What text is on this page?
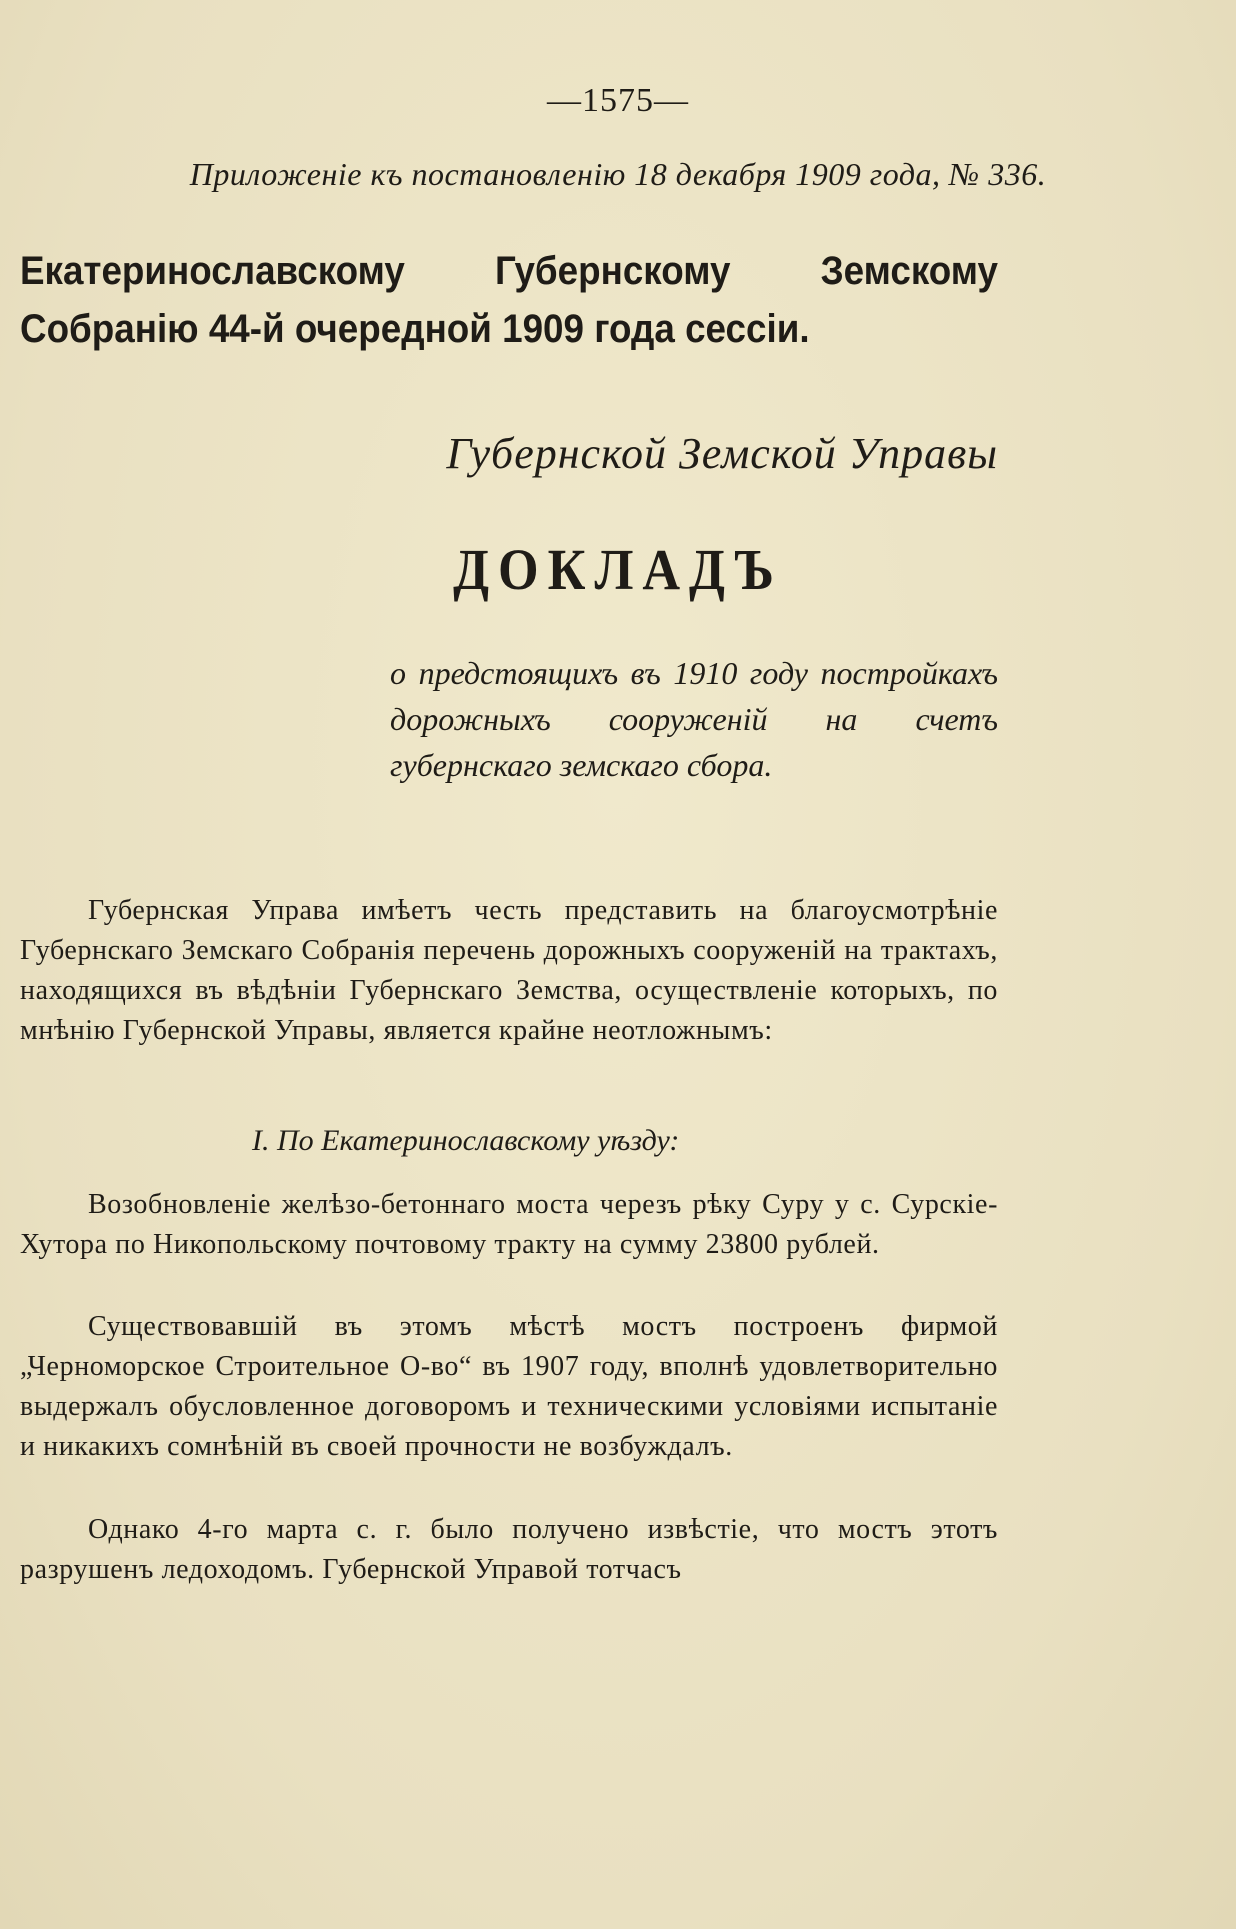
—1575—
Приложенiе къ постановленiю 18 декабря 1909 года, № 336.
Екатеринославскому Губернскому Земскому Собранiю 44-й очередной 1909 года сессiи.
Губернской Земской Управы
ДОКЛАДЪ
о предстоящихъ въ 1910 году постройкахъ дорожныхъ сооруженiй на счетъ губернскаго земскаго сбора.
Губернская Управа имѣетъ честь представить на благоусмотрѣнiе Губернскаго Земскаго Собранiя перечень дорожныхъ сооруженiй на трактахъ, находящихся въ вѣдѣнiи Губернскаго Земства, осуществленiе которыхъ, по мнѣнiю Губернской Управы, является крайне неотложнымъ:
I. По Екатеринославскому уѣзду:
Возобновленiе желѣзо-бетоннаго моста черезъ рѣку Суру у с. Сурскiе-Хутора по Никопольскому почтовому тракту на сумму 23800 рублей.
Существовавшiй въ этомъ мѣстѣ мостъ построенъ фирмой „Черноморское Строительное О-во“ въ 1907 году, вполнѣ удовлетворительно выдержалъ обусловленное договоромъ и техническими условiями испытанiе и никакихъ сомнѣнiй въ своей прочности не возбуждалъ.
Однако 4-го марта с. г. было получено извѣстiе, что мостъ этотъ разрушенъ ледоходомъ. Губернской Управой тотчасъ
